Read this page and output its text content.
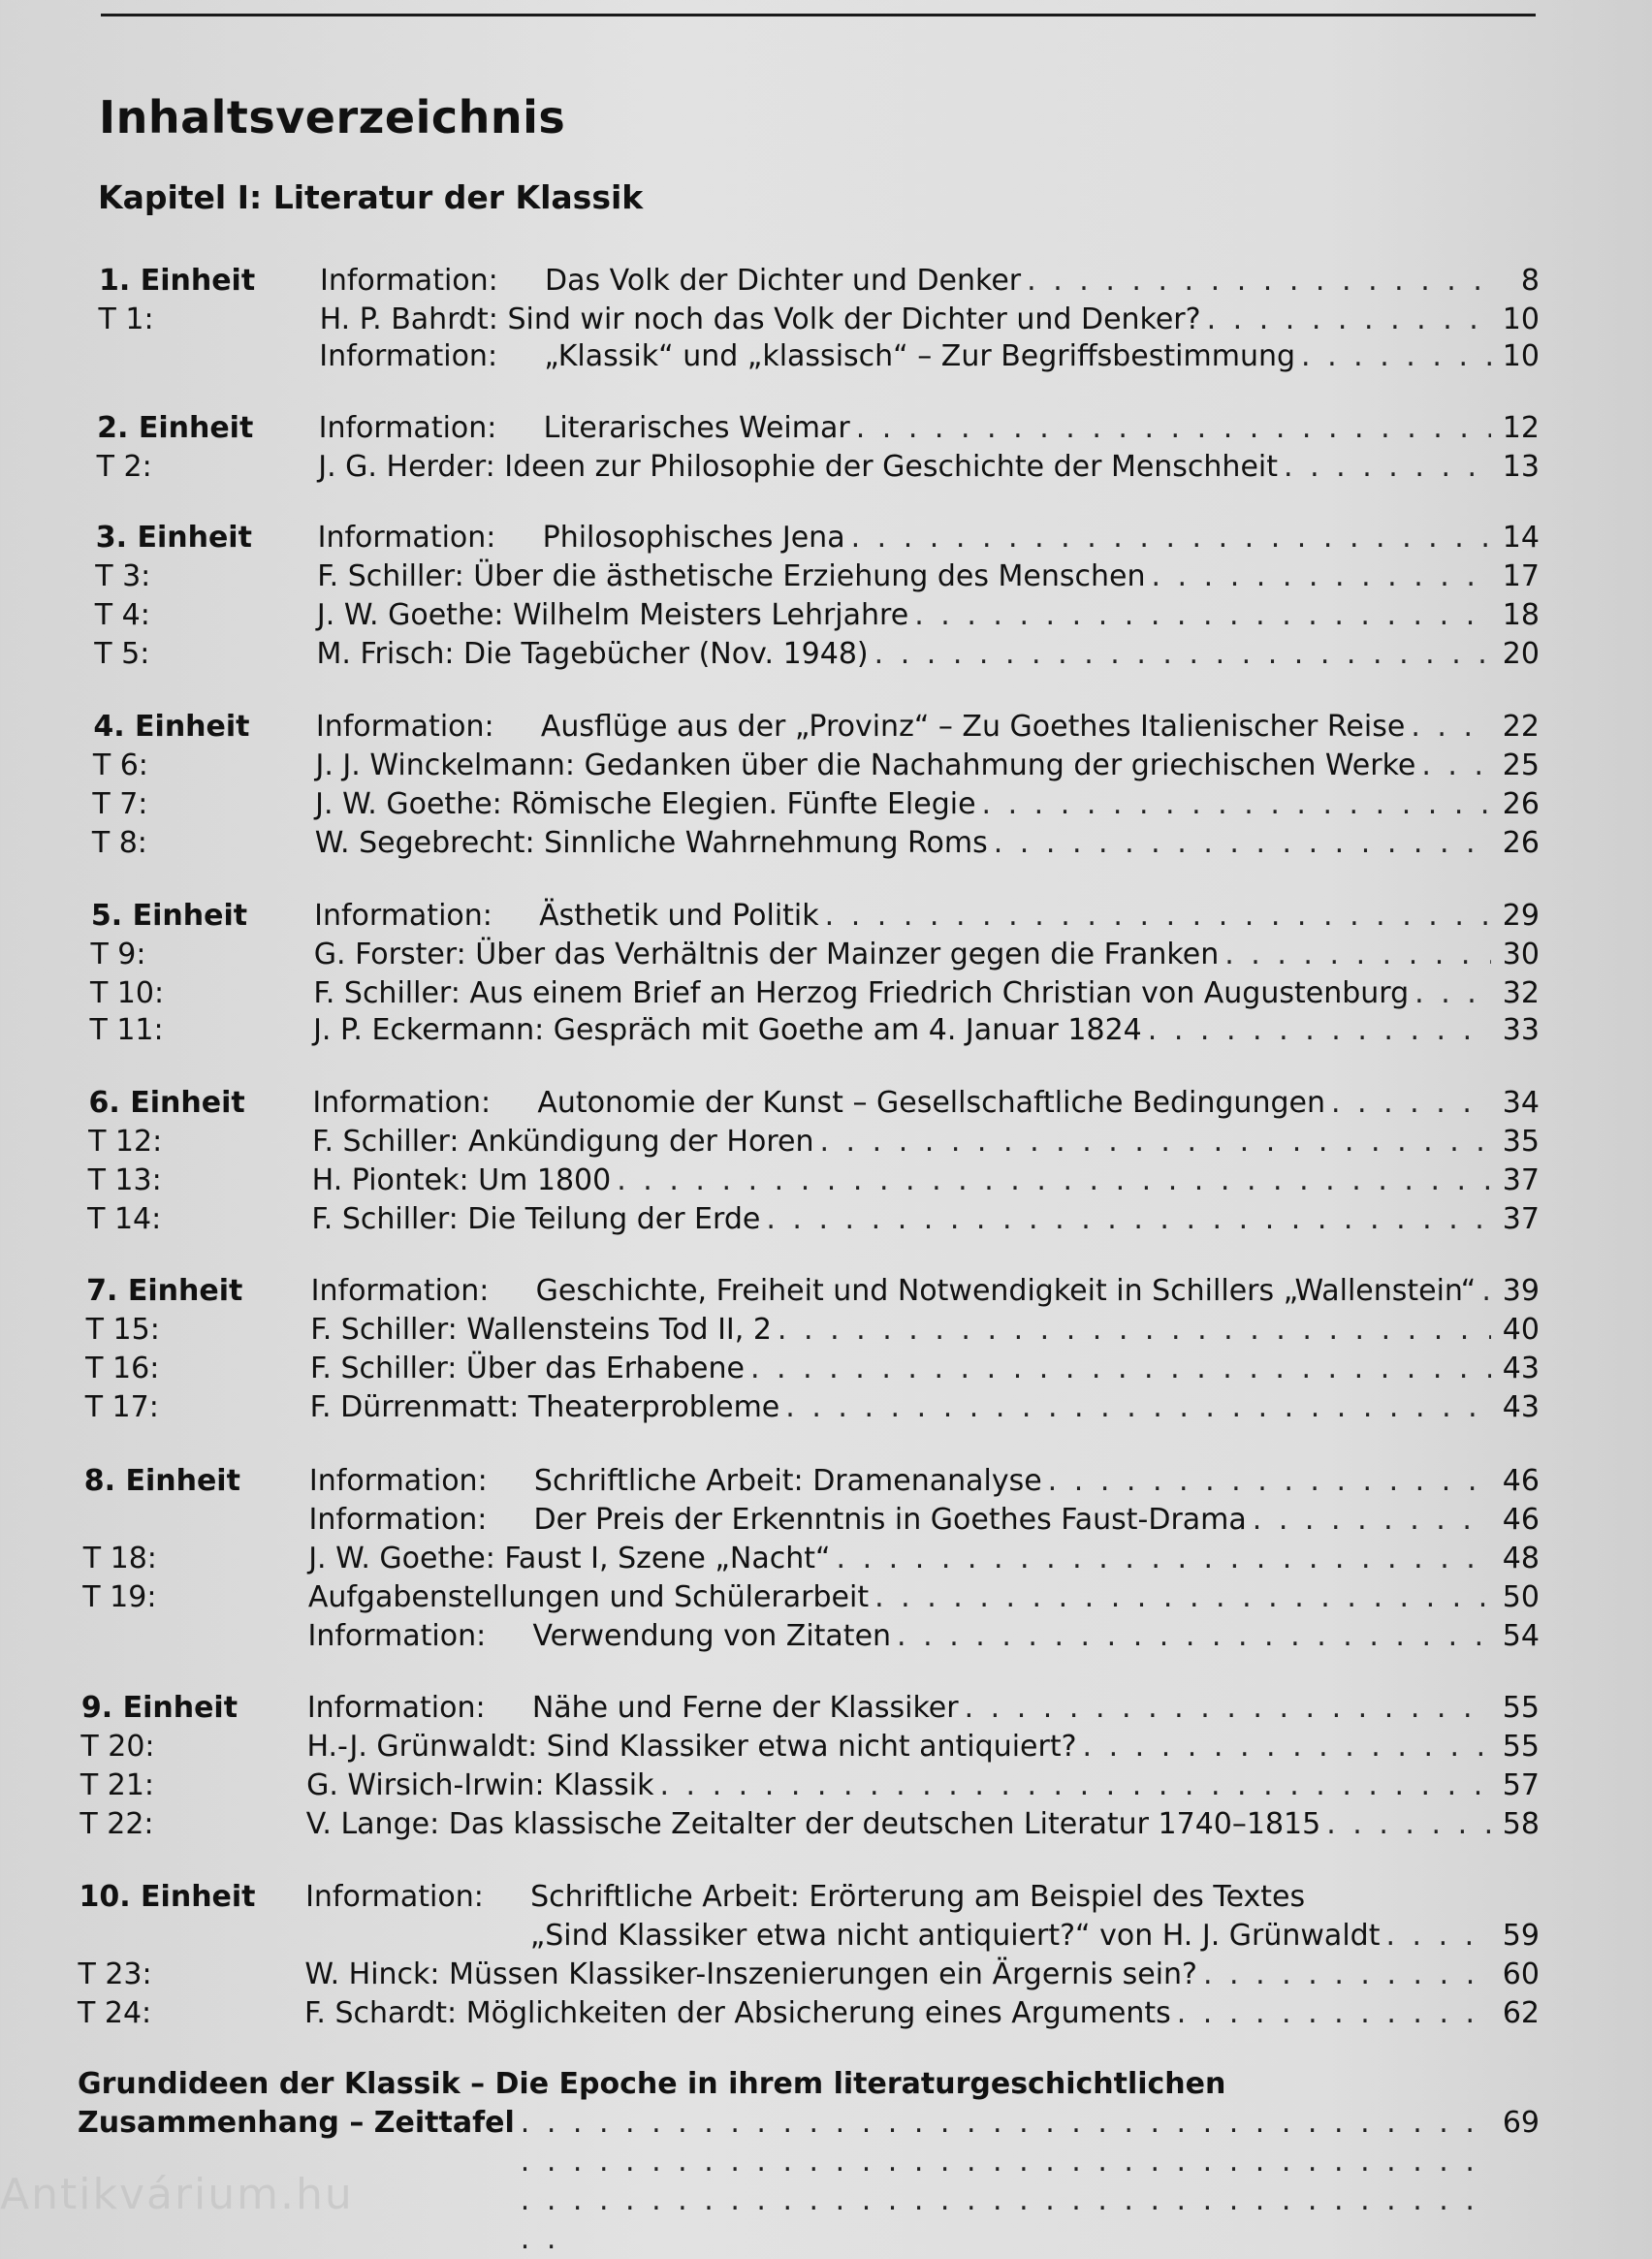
Inhaltsverzeichnis
Kapitel I: Literatur der Klassik
1. Einheit Information:	Das Volk der Dichter und Denker . . .	8
T 1:	H. P. Bahrdt: Sind wir noch das Volk der Dichter und Denker? . . .	10
Information:	„Klassik“ und „klassisch“ – Zur Begriffsbestimmung . . .	10
2. Einheit Information:	Literarisches Weimar . . .	12
T 2:	J. G. Herder: Ideen zur Philosophie der Geschichte der Menschheit . . .	13
3. Einheit Information:	Philosophisches Jena . . .	14
T 3:	F. Schiller: Über die ästhetische Erziehung des Menschen . . .	17
T 4:	J. W. Goethe: Wilhelm Meisters Lehrjahre . . .	18
T 5:	M. Frisch: Die Tagebücher (Nov. 1948) . . .	20
4. Einheit Information:	Ausflüge aus der „Provinz“ – Zu Goethes Italienischer Reise . . .	22
T 6:	J. J. Winckelmann: Gedanken über die Nachahmung der griechischen Werke . . .	25
T 7:	J. W. Goethe: Römische Elegien. Fünfte Elegie . . .	26
T 8:	W. Segebrecht: Sinnliche Wahrnehmung Roms . . .	26
5. Einheit Information:	Ästhetik und Politik . . .	29
T 9:	G. Forster: Über das Verhältnis der Mainzer gegen die Franken . . .	30
T 10:	F. Schiller: Aus einem Brief an Herzog Friedrich Christian von Augustenburg . . .	32
T 11:	J. P. Eckermann: Gespräch mit Goethe am 4. Januar 1824 . . .	33
6. Einheit Information:	Autonomie der Kunst – Gesellschaftliche Bedingungen . . .	34
T 12:	F. Schiller: Ankündigung der Horen . . .	35
T 13:	H. Piontek: Um 1800 . . .	37
T 14:	F. Schiller: Die Teilung der Erde . . .	37
7. Einheit Information:	Geschichte, Freiheit und Notwendigkeit in Schillers „Wallenstein“ . . . 39
T 15:	F. Schiller: Wallensteins Tod II, 2 . . .	40
T 16:	F. Schiller: Über das Erhabene . . .	43
T 17:	F. Dürrenmatt: Theaterprobleme . . .	43
8. Einheit Information:	Schriftliche Arbeit: Dramenanalyse . . .	46
Information:	Der Preis der Erkenntnis in Goethes Faust-Drama . . .	46
T 18:	J. W. Goethe: Faust I, Szene „Nacht“ . . .	48
T 19:	Aufgabenstellungen und Schülerarbeit . . .	50
Information:	Verwendung von Zitaten . . .	54
9. Einheit Information:	Nähe und Ferne der Klassiker . . .	55
T 20:	H.-J. Grünwaldt: Sind Klassiker etwa nicht antiquiert? . . .	55
T 21:	G. Wirsich-Irwin: Klassik . . .	57
T 22:	V. Lange: Das klassische Zeitalter der deutschen Literatur 1740–1815 . . .	58
10. Einheit Information:	Schriftliche Arbeit: Erörterung am Beispiel des Textes
„Sind Klassiker etwa nicht antiquiert?“ von H. J. Grünwaldt . . .	59
T 23:	W. Hinck: Müssen Klassiker-Inszenierungen ein Ärgernis sein? . . .	60
T 24:	F. Schardt: Möglichkeiten der Absicherung eines Arguments . . .	62
Grundideen der Klassik – Die Epoche in ihrem literaturgeschichtlichen
Zusammenhang – Zeittafel . . .	69
Antikvárium.hu
